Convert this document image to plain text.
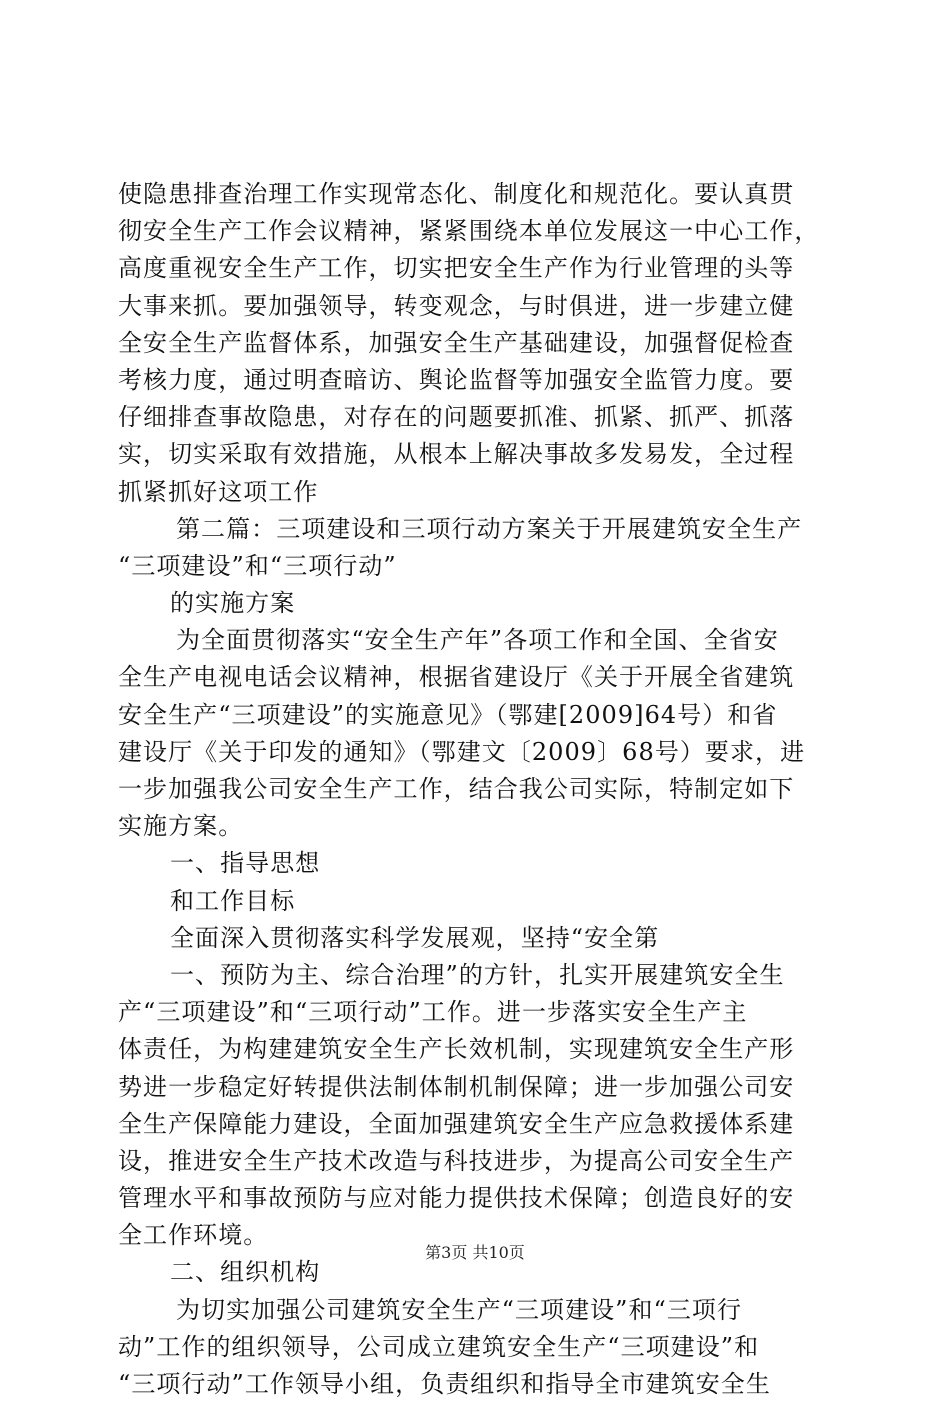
使隐患排查治理工作实现常态化、制度化和规范化。要认真贯
彻安全生产工作会议精神，紧紧围绕本单位发展这一中心工作，
高度重视安全生产工作，切实把安全生产作为行业管理的头等
大事来抓。要加强领导，转变观念，与时俱进，进一步建立健
全安全生产监督体系，加强安全生产基础建设，加强督促检查
考核力度，通过明查暗访、舆论监督等加强安全监管力度。要
仔细排查事故隐患，对存在的问题要抓准、抓紧、抓严、抓落
实，切实采取有效措施，从根本上解决事故多发易发，全过程
抓紧抓好这项工作
第二篇：三项建设和三项行动方案关于开展建筑安全生产
“三项建设”和“三项行动”
的实施方案
为全面贯彻落实“安全生产年”各项工作和全国、全省安
全生产电视电话会议精神，根据省建设厅《关于开展全省建筑
安全生产“三项建设”的实施意见》（鄂建[2009]64号）和省
建设厅《关于印发的通知》（鄂建文〔2009〕68号）要求，进
一步加强我公司安全生产工作，结合我公司实际，特制定如下
实施方案。
一、指导思想
和工作目标
全面深入贯彻落实科学发展观，坚持“安全第
一、预防为主、综合治理”的方针，扎实开展建筑安全生
产“三项建设”和“三项行动”工作。进一步落实安全生产主
体责任，为构建建筑安全生产长效机制，实现建筑安全生产形
势进一步稳定好转提供法制体制机制保障；进一步加强公司安
全生产保障能力建设，全面加强建筑安全生产应急救援体系建
设，推进安全生产技术改造与科技进步，为提高公司安全生产
管理水平和事故预防与应对能力提供技术保障；创造良好的安
全工作环境。
二、组织机构
为切实加强公司建筑安全生产“三项建设”和“三项行
动”工作的组织领导，公司成立建筑安全生产“三项建设”和
“三项行动”工作领导小组，负责组织和指导全市建筑安全生
第3页 共10页
